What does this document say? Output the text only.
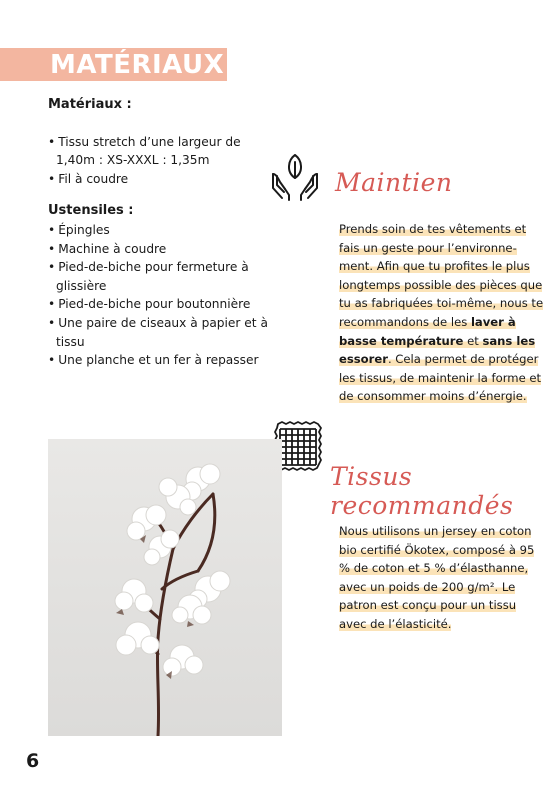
MATÉRIAUX
Matériaux :
• Tissu stretch d’une largeur de 1,40m : XS-XXXL : 1,35m
• Fil à coudre
Ustensiles :
• Épingles
• Machine à coudre
• Pied-de-biche pour fermeture à glissière
• Pied-de-biche pour boutonnière
• Une paire de ciseaux à papier et à tissu
• Une planche et un fer à repasser
Maintien
Prends soin de tes vêtements et fais un geste pour l’environne-ment. Afin que tu profites le plus longtemps possible des pièces que tu as fabriquées toi-même, nous te recommandons de les laver à basse température et sans les essorer. Cela permet de protéger les tissus, de maintenir la forme et de consommer moins d’énergie.
Tissus recommandés
Nous utilisons un jersey en coton bio certifié Ökotex, composé à 95 % de coton et 5 % d’élasthanne, avec un poids de 200 g/m². Le patron est conçu pour un tissu avec de l’élasticité.
6
